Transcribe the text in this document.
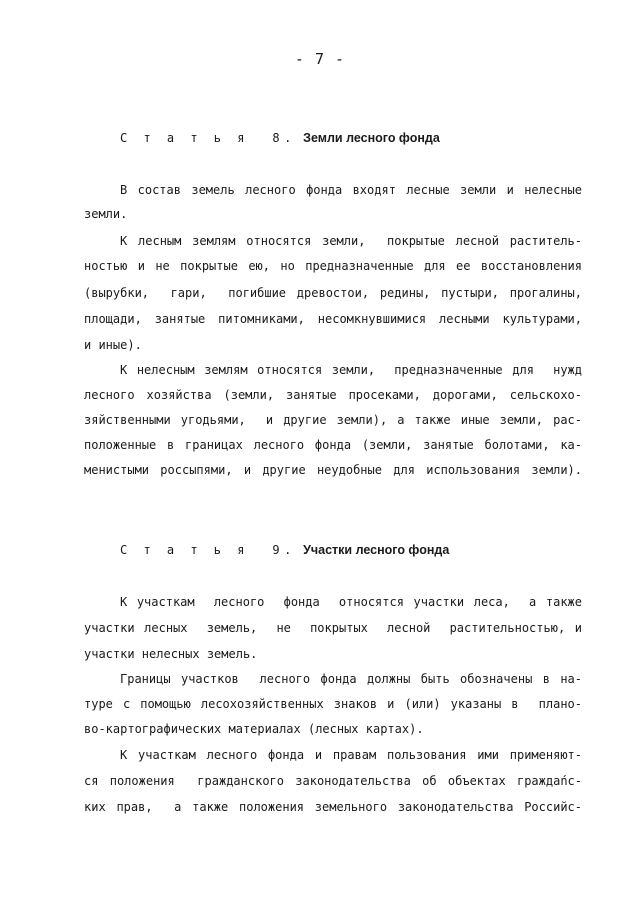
- 7 -
С т а т ь я  8. Земли лесного фонда
В состав земель лесного фонда входят лесные земли и нелесные
земли.
К лесным землям относятся земли,  покрытые лесной раститель-
ностью и не покрытые ею, но предназначенные для ее восстановления
(вырубки,  гари,  погибшие древостои, редины, пустыри, прогалины,
площади, занятые питомниками, несомкнувшимися лесными культурами,
и иные).
К нелесным землям относятся земли,  предназначенные для  нужд
лесного хозяйства (земли, занятые просеками, дорогами, сельскохо-
зяйственными угодьями,  и другие земли), а также иные земли, рас-
положенные в границах лесного фонда (земли, занятые болотами, ка-
менистыми россыпями, и другие неудобные для использования земли).
С т а т ь я  9. Участки лесного фонда
К участкам  лесного  фонда  относятся участки леса,  а также
участки лесных  земель,  не  покрытых  лесной  растительностью, и
участки нелесных земель.
Границы участков  лесного фонда должны быть обозначены в на-
туре с помощью лесохозяйственных знаков и (или) указаны в  плано-
во-картографических материалах (лесных картах).
К участкам лесного фонда и правам пользования ими применяют-
ся положения  гражданского законодательства об объектах граждańс-
ких прав,  а также положения земельного законодательства Российс-
